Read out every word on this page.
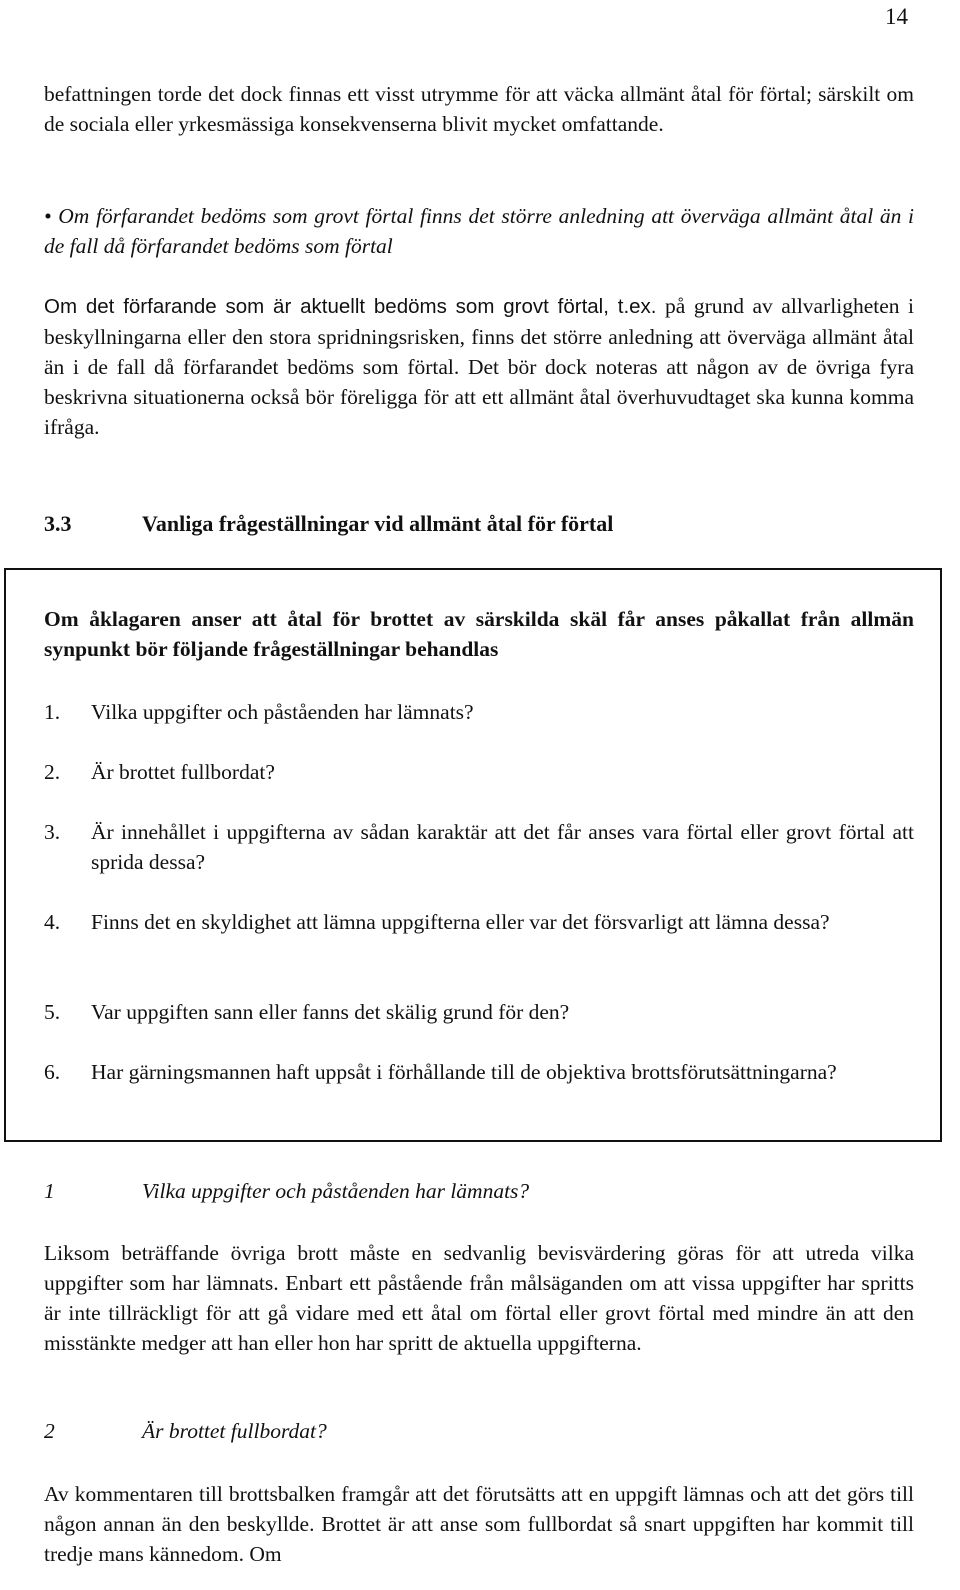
14

befattningen torde det dock finnas ett visst utrymme för att väcka allmänt åtal för förtal; särskilt om de sociala eller yrkesmässiga konsekvenserna blivit mycket omfattande.

• Om förfarandet bedöms som grovt förtal finns det större anledning att överväga allmänt åtal än i de fall då förfarandet bedöms som förtal

Om det förfarande som är aktuellt bedöms som grovt förtal, t.ex. på grund av allvarligheten i beskyllningarna eller den stora spridningsrisken, finns det större anledning att överväga allmänt åtal än i de fall då förfarandet bedöms som förtal. Det bör dock noteras att någon av de övriga fyra beskrivna situationerna också bör föreligga för att ett allmänt åtal överhuvudtaget ska kunna komma ifråga.

3.3	Vanliga frågeställningar vid allmänt åtal för förtal

Om åklagaren anser att åtal för brottet av särskilda skäl får anses påkallat från allmän synpunkt bör följande frågeställningar behandlas

1. Vilka uppgifter och påståenden har lämnats?
2. Är brottet fullbordat?
3. Är innehållet i uppgifterna av sådan karaktär att det får anses vara förtal eller grovt förtal att sprida dessa?
4. Finns det en skyldighet att lämna uppgifterna eller var det försvarligt att lämna dessa?
5. Var uppgiften sann eller fanns det skälig grund för den?
6. Har gärningsmannen haft uppsåt i förhållande till de objektiva brottsförutsättningarna?
1	Vilka uppgifter och påståenden har lämnats?

Liksom beträffande övriga brott måste en sedvanlig bevisvärdering göras för att utreda vilka uppgifter som har lämnats. Enbart ett påstående från målsäganden om att vissa uppgifter har spritts är inte tillräckligt för att gå vidare med ett åtal om förtal eller grovt förtal med mindre än att den misstänkte medger att han eller hon har spritt de aktuella uppgifterna.

2	Är brottet fullbordat?

Av kommentaren till brottsbalken framgår att det förutsätts att en uppgift lämnas och att det görs till någon annan än den beskyllde. Brottet är att anse som fullbordat så snart uppgiften har kommit till tredje mans kännedom. Om
